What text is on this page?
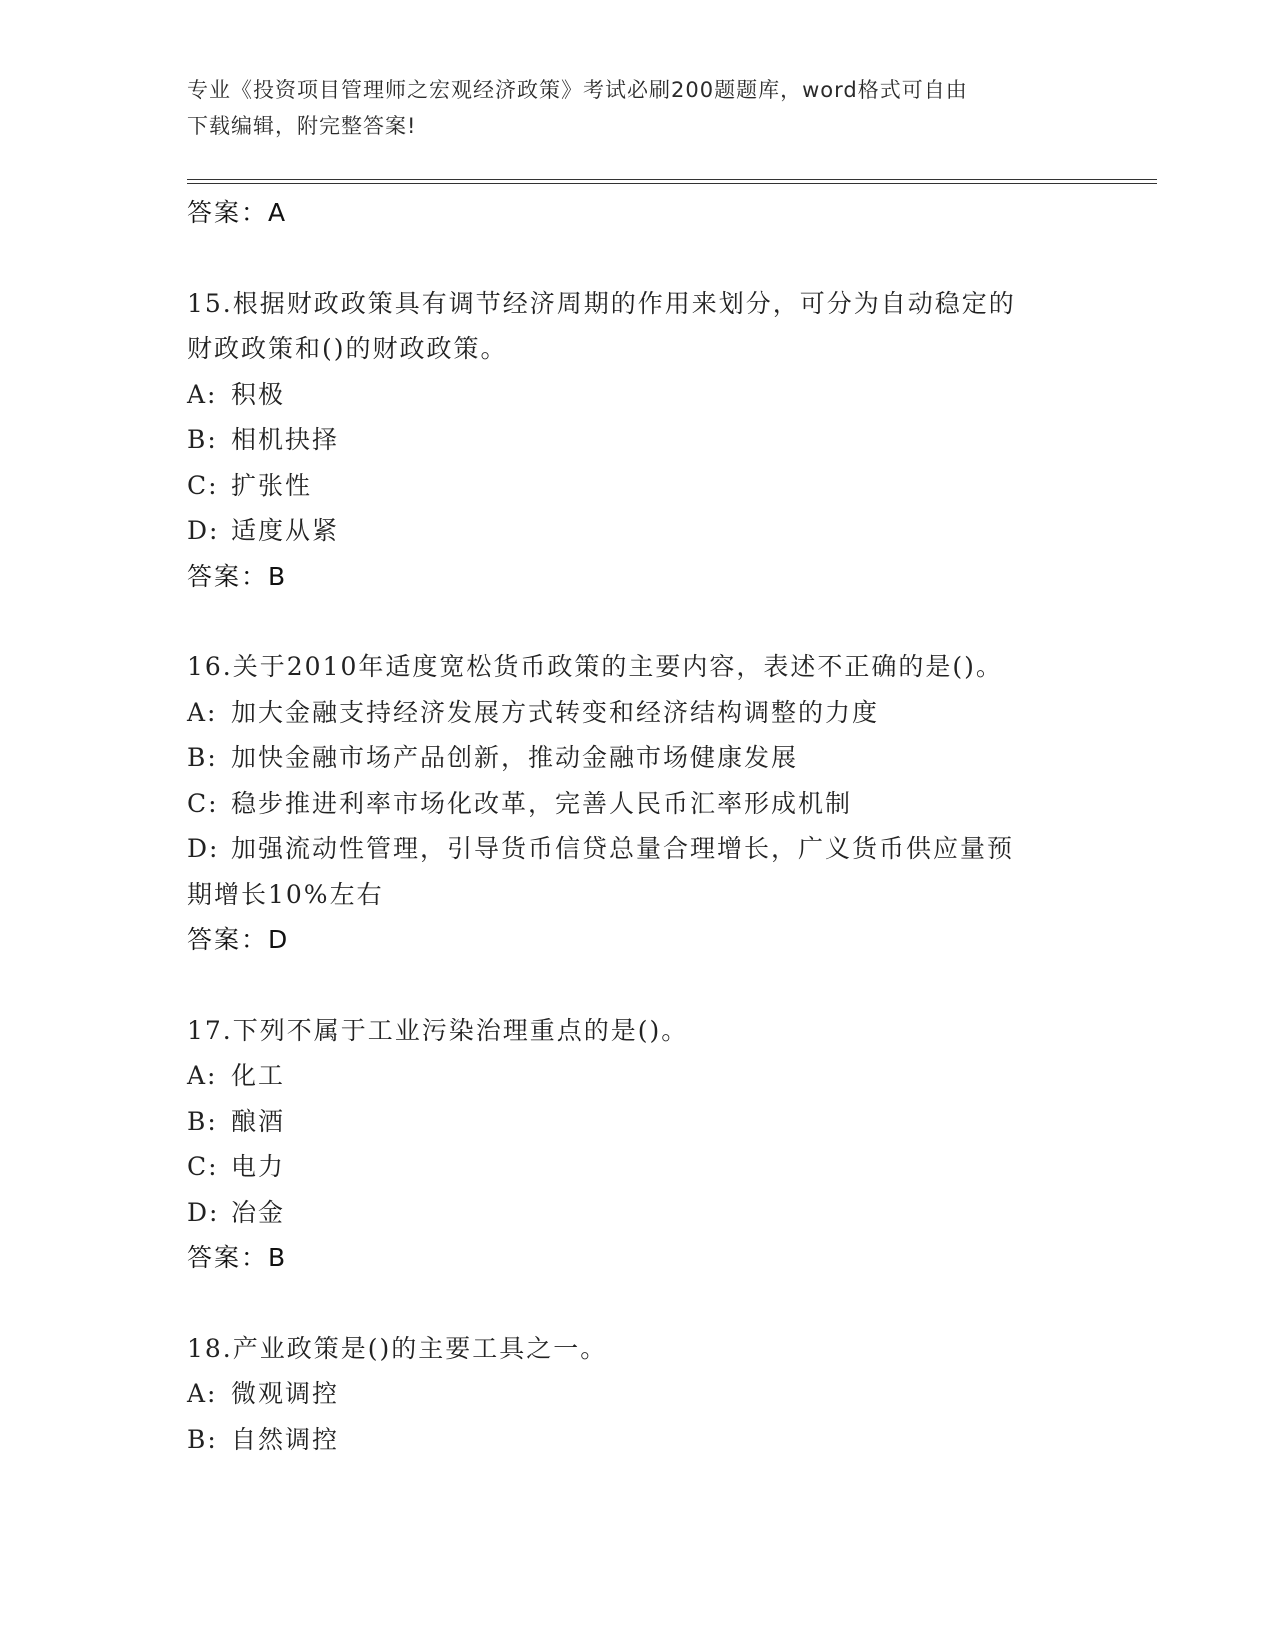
专业《投资项目管理师之宏观经济政策》考试必刷200题题库，word格式可自由
下载编辑，附完整答案!
答案：A
15.根据财政政策具有调节经济周期的作用来划分，可分为自动稳定的
财政政策和()的财政政策。
A: 积极
B: 相机抉择
C: 扩张性
D: 适度从紧
答案：B
16.关于2010年适度宽松货币政策的主要内容，表述不正确的是()。
A: 加大金融支持经济发展方式转变和经济结构调整的力度
B: 加快金融市场产品创新，推动金融市场健康发展
C: 稳步推进利率市场化改革，完善人民币汇率形成机制
D: 加强流动性管理，引导货币信贷总量合理增长，广义货币供应量预
期增长10%左右
答案：D
17.下列不属于工业污染治理重点的是()。
A: 化工
B: 酿酒
C: 电力
D: 冶金
答案：B
18.产业政策是()的主要工具之一。
A: 微观调控
B: 自然调控
